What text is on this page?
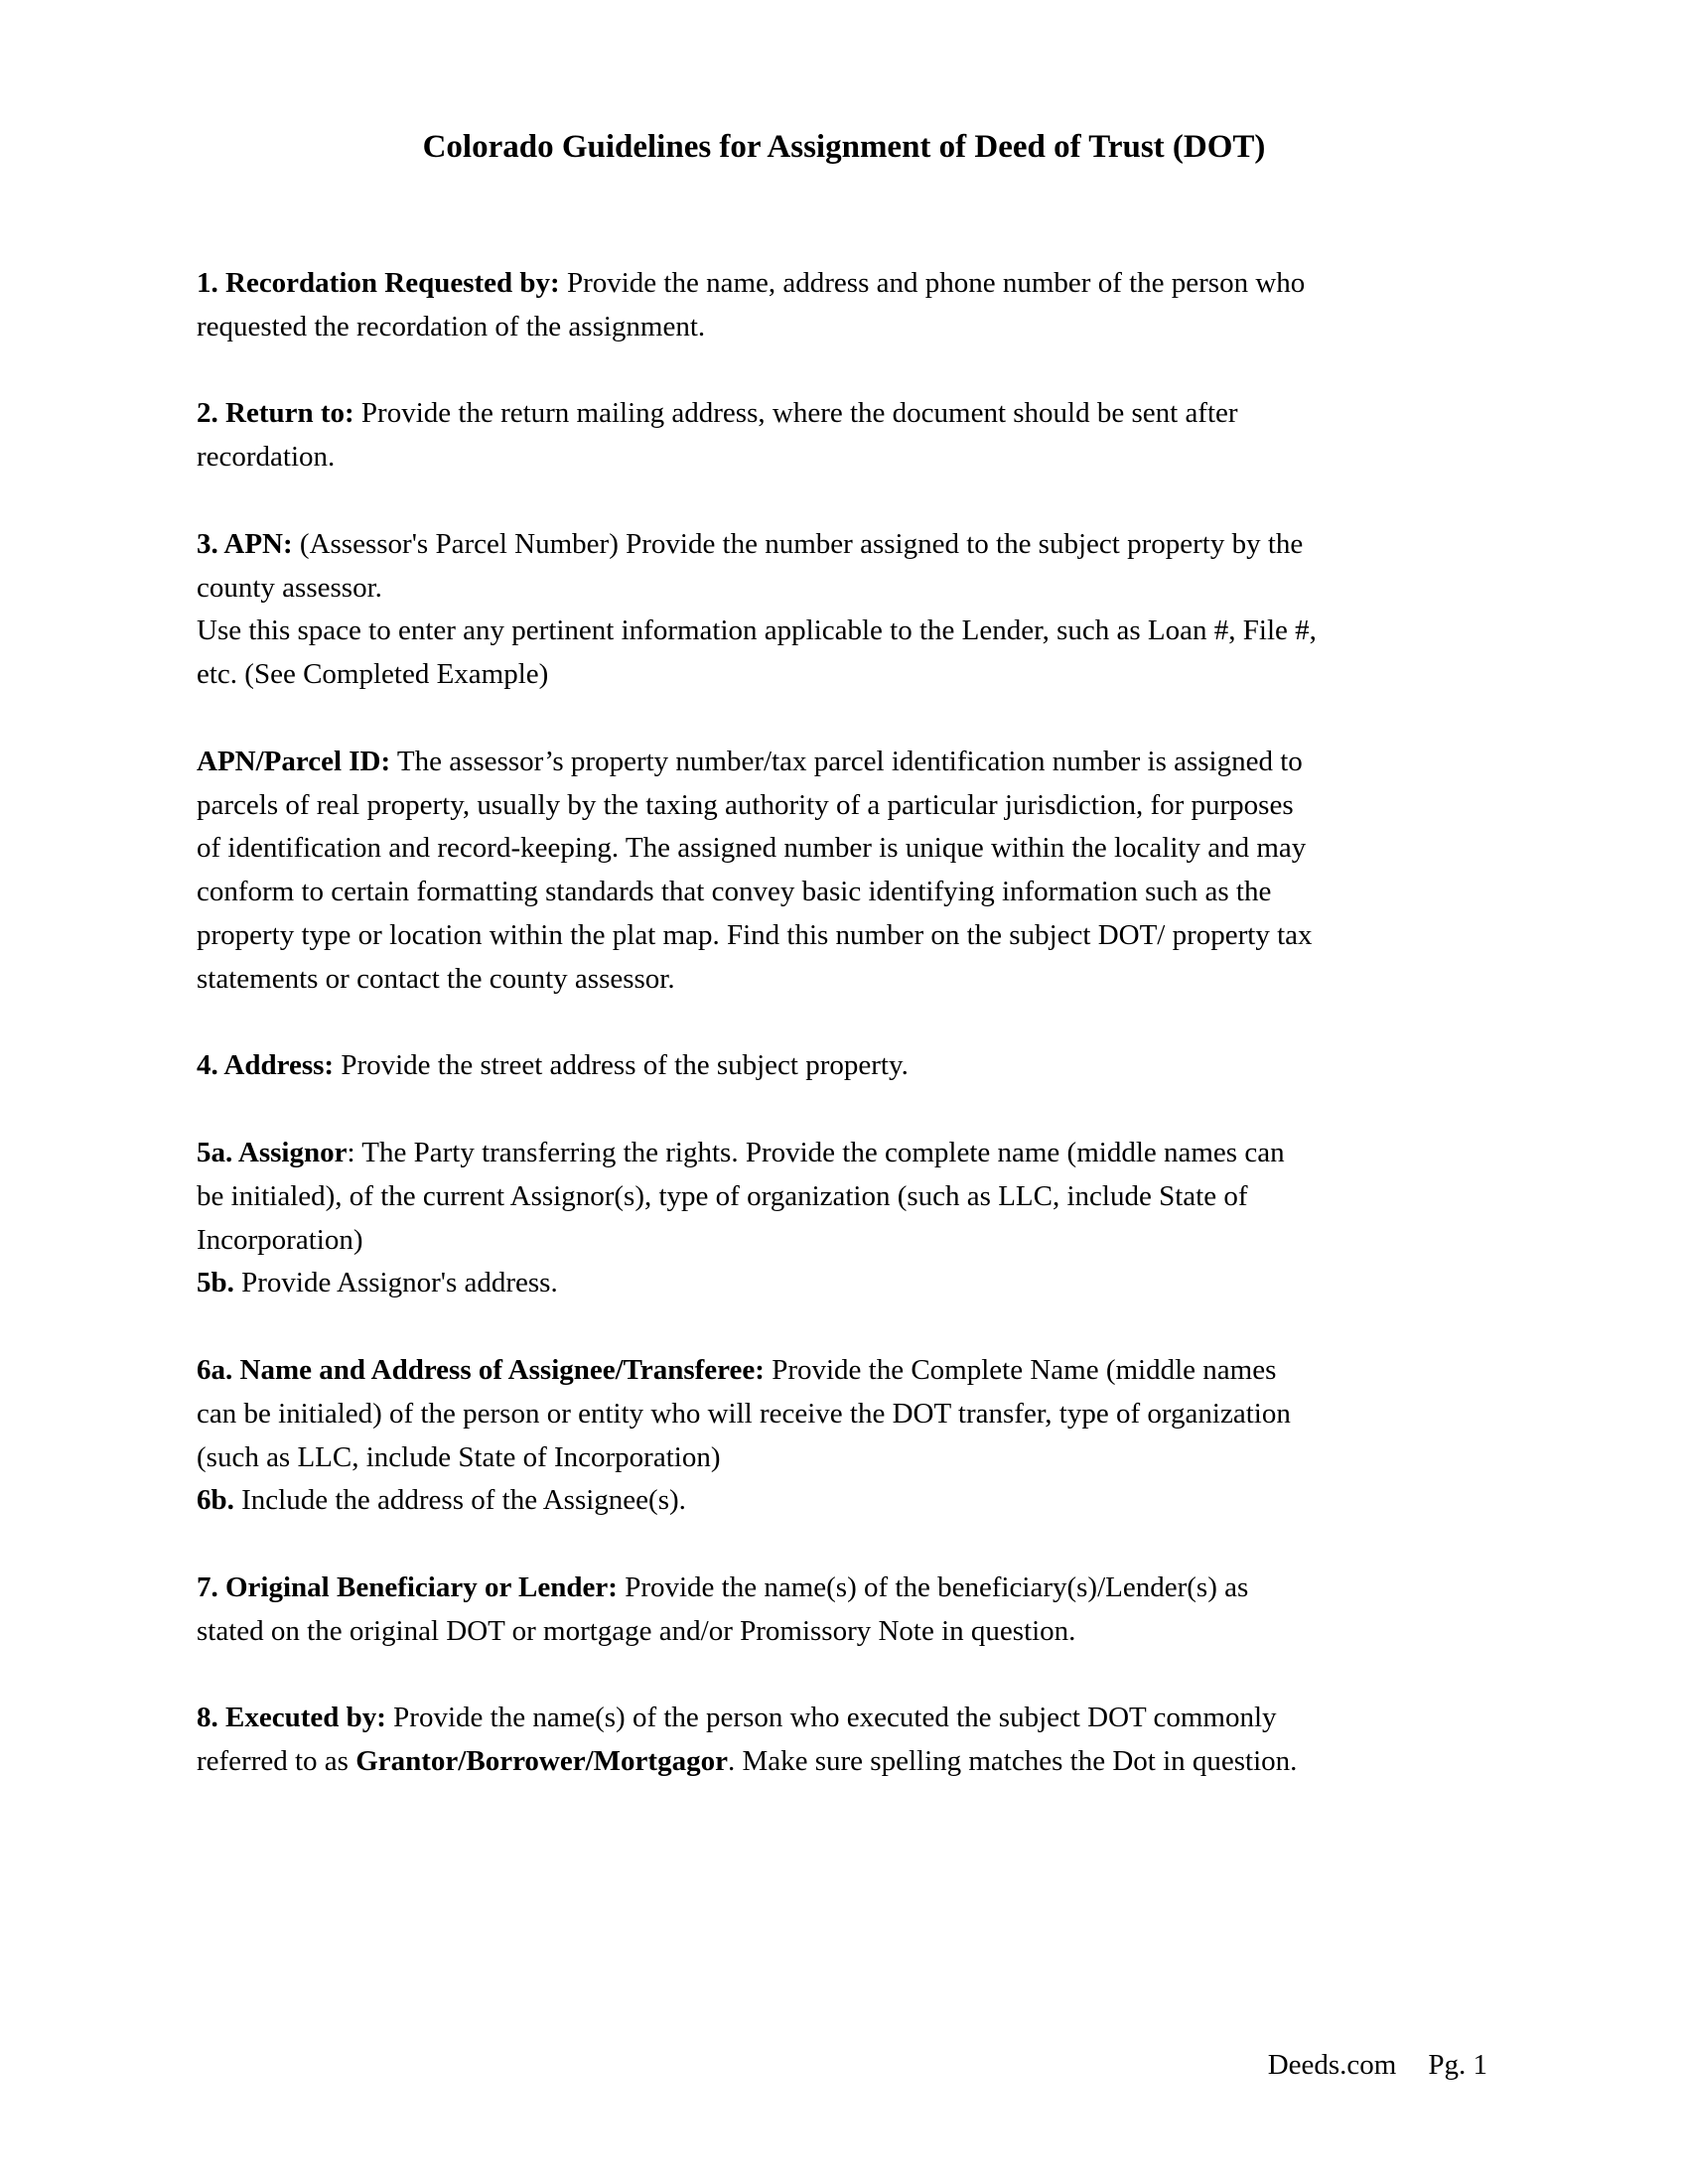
Colorado Guidelines for Assignment of Deed of Trust (DOT)
1. Recordation Requested by: Provide the name, address and phone number of the person who
requested the recordation of the assignment.
2. Return to: Provide the return mailing address, where the document should be sent after
recordation.
3. APN: (Assessor's Parcel Number) Provide the number assigned to the subject property by the
county assessor.
Use this space to enter any pertinent information applicable to the Lender, such as Loan #, File #,
etc. (See Completed Example)
APN/Parcel ID: The assessor’s property number/tax parcel identification number is assigned to
parcels of real property, usually by the taxing authority of a particular jurisdiction, for purposes
of identification and record-keeping. The assigned number is unique within the locality and may
conform to certain formatting standards that convey basic identifying information such as the
property type or location within the plat map. Find this number on the subject DOT/ property tax
statements or contact the county assessor.
4. Address: Provide the street address of the subject property.
5a. Assignor: The Party transferring the rights. Provide the complete name (middle names can
be initialed), of the current Assignor(s), type of organization (such as LLC, include State of
Incorporation)
5b. Provide Assignor's address.
6a. Name and Address of Assignee/Transferee: Provide the Complete Name (middle names
can be initialed) of the person or entity who will receive the DOT transfer, type of organization
(such as LLC, include State of Incorporation)
6b. Include the address of the Assignee(s).
7. Original Beneficiary or Lender: Provide the name(s) of the beneficiary(s)/Lender(s) as
stated on the original DOT or mortgage and/or Promissory Note in question.
8. Executed by: Provide the name(s) of the person who executed the subject DOT commonly
referred to as Grantor/Borrower/Mortgagor. Make sure spelling matches the Dot in question.
Deeds.com Pg. 1
